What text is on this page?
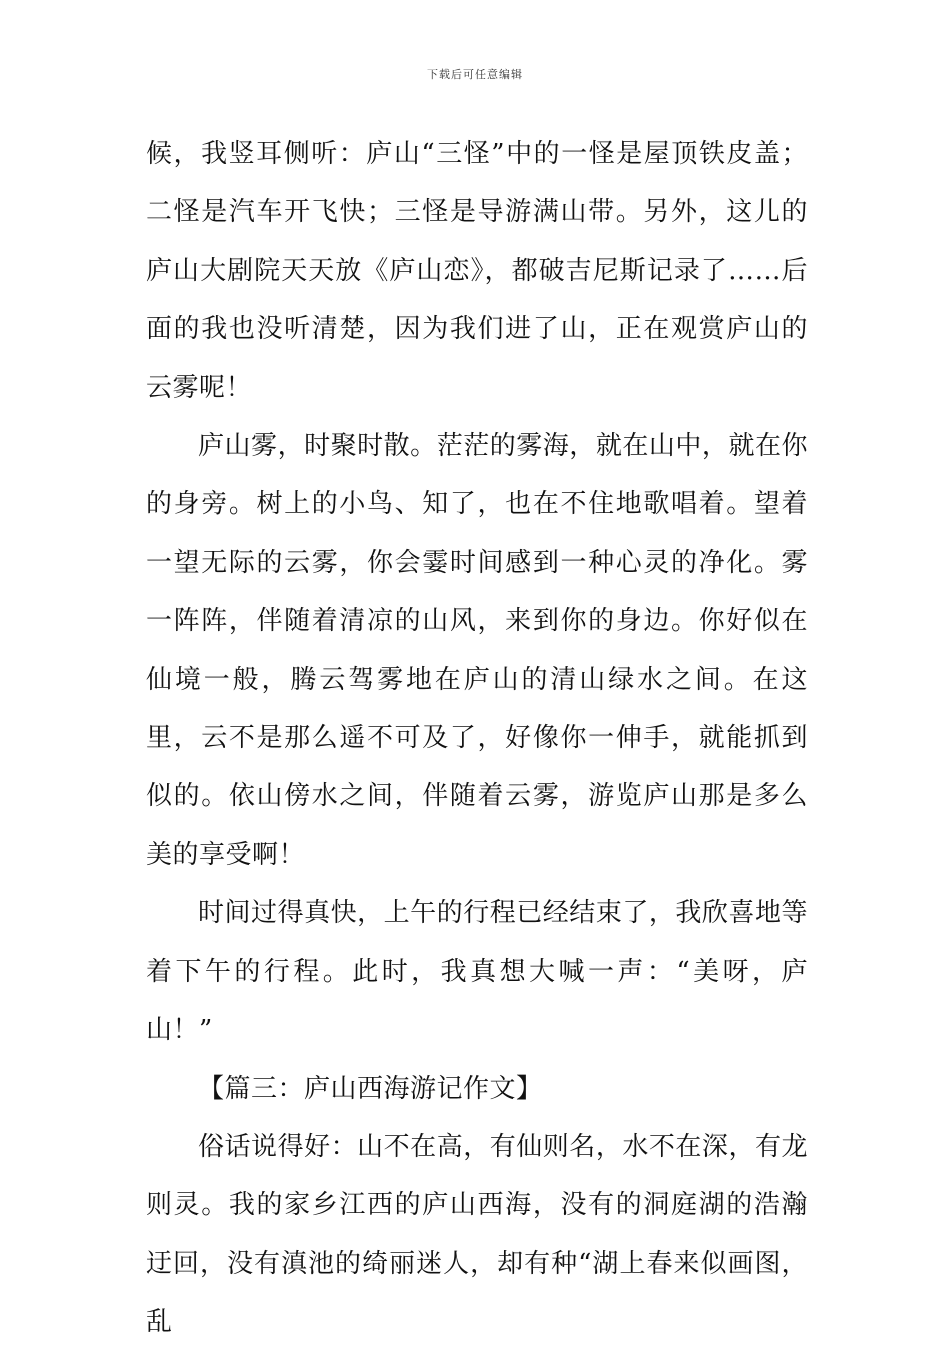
下载后可任意编辑

候，我竖耳侧听：庐山“三怪”中的一怪是屋顶铁皮盖；二怪是汽车开飞快；三怪是导游满山带。另外，这儿的庐山大剧院天天放《庐山恋》，都破吉尼斯记录了……后面的我也没听清楚，因为我们进了山，正在观赏庐山的云雾呢！

庐山雾，时聚时散。茫茫的雾海，就在山中，就在你的身旁。树上的小鸟、知了，也在不住地歌唱着。望着一望无际的云雾，你会霎时间感到一种心灵的净化。雾一阵阵，伴随着清凉的山风，来到你的身边。你好似在仙境一般，腾云驾雾地在庐山的清山绿水之间。在这里，云不是那么遥不可及了，好像你一伸手，就能抓到似的。依山傍水之间，伴随着云雾，游览庐山那是多么美的享受啊！

时间过得真快，上午的行程已经结束了，我欣喜地等着下午的行程。此时，我真想大喊一声：“美呀，庐山！”

【篇三：庐山西海游记作文】

俗话说得好：山不在高，有仙则名，水不在深，有龙则灵。我的家乡江西的庐山西海，没有的洞庭湖的浩瀚迂回，没有滇池的绮丽迷人，却有种“湖上春来似画图，乱
